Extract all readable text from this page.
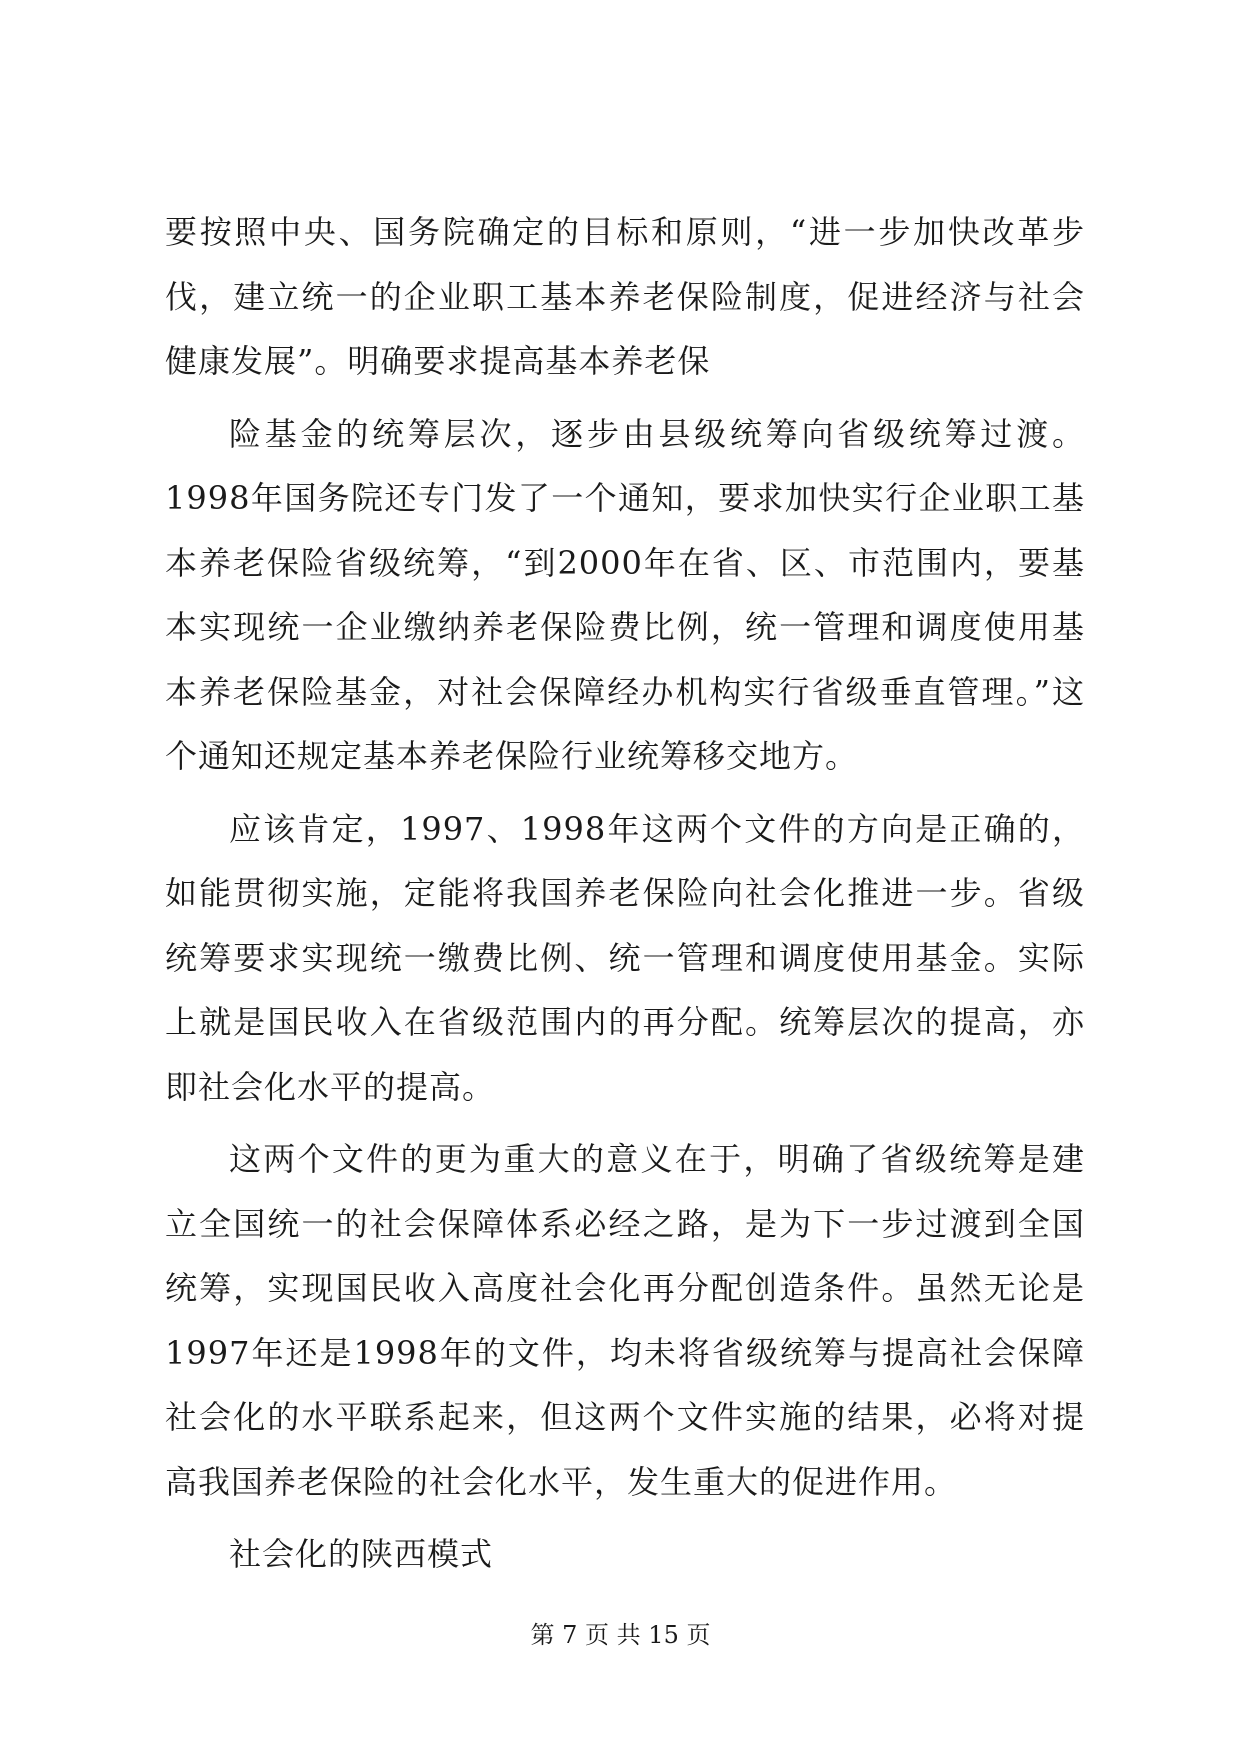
要按照中央、国务院确定的目标和原则，“进一步加快改革步伐，建立统一的企业职工基本养老保险制度，促进经济与社会健康发展”。明确要求提高基本养老保

险基金的统筹层次，逐步由县级统筹向省级统筹过渡。1998年国务院还专门发了一个通知，要求加快实行企业职工基本养老保险省级统筹，“到2000年在省、区、市范围内，要基本实现统一企业缴纳养老保险费比例，统一管理和调度使用基本养老保险基金，对社会保障经办机构实行省级垂直管理。”这个通知还规定基本养老保险行业统筹移交地方。

应该肯定，1997、1998年这两个文件的方向是正确的，如能贯彻实施，定能将我国养老保险向社会化推进一步。省级统筹要求实现统一缴费比例、统一管理和调度使用基金。实际上就是国民收入在省级范围内的再分配。统筹层次的提高，亦即社会化水平的提高。

这两个文件的更为重大的意义在于，明确了省级统筹是建立全国统一的社会保障体系必经之路，是为下一步过渡到全国统筹，实现国民收入高度社会化再分配创造条件。虽然无论是1997年还是1998年的文件，均未将省级统筹与提高社会保障社会化的水平联系起来，但这两个文件实施的结果，必将对提高我国养老保险的社会化水平，发生重大的促进作用。

社会化的陕西模式

第 7 页 共 15 页
